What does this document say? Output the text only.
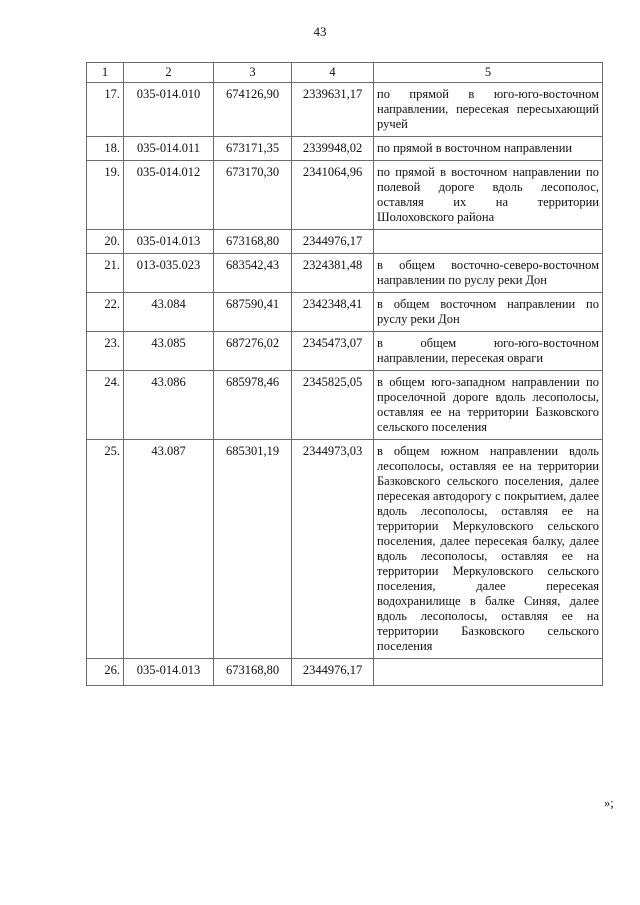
43
1	2	3	4	5
17.	035-014.010	674126,90	2339631,17	по прямой в юго-юго-восточном направлении, пересекая пересыхающий ручей
18.	035-014.011	673171,35	2339948,02	по прямой в восточном направлении
19.	035-014.012	673170,30	2341064,96	по прямой в восточном направлении по полевой дороге вдоль лесополос, оставляя их на территории Шолоховского района
20.	035-014.013	673168,80	2344976,17	
21.	013-035.023	683542,43	2324381,48	в общем восточно-северо-восточном направлении по руслу реки Дон
22.	43.084	687590,41	2342348,41	в общем восточном направлении по руслу реки Дон
23.	43.085	687276,02	2345473,07	в общем юго-юго-восточном направлении, пересекая овраги
24.	43.086	685978,46	2345825,05	в общем юго-западном направлении по проселочной дороге вдоль лесополосы, оставляя ее на территории Базковского сельского поселения
25.	43.087	685301,19	2344973,03	в общем южном направлении вдоль лесополосы, оставляя ее на территории Базковского сельского поселения, далее пересекая автодорогу с покрытием, далее вдоль лесополосы, оставляя ее на территории Меркуловского сельского поселения, далее пересекая балку, далее вдоль лесополосы, оставляя ее на территории Меркуловского сельского поселения, далее пересекая водохранилище в балке Синяя, далее вдоль лесополосы, оставляя ее на территории Базковского сельского поселения
26.	035-014.013	673168,80	2344976,17	
»;
